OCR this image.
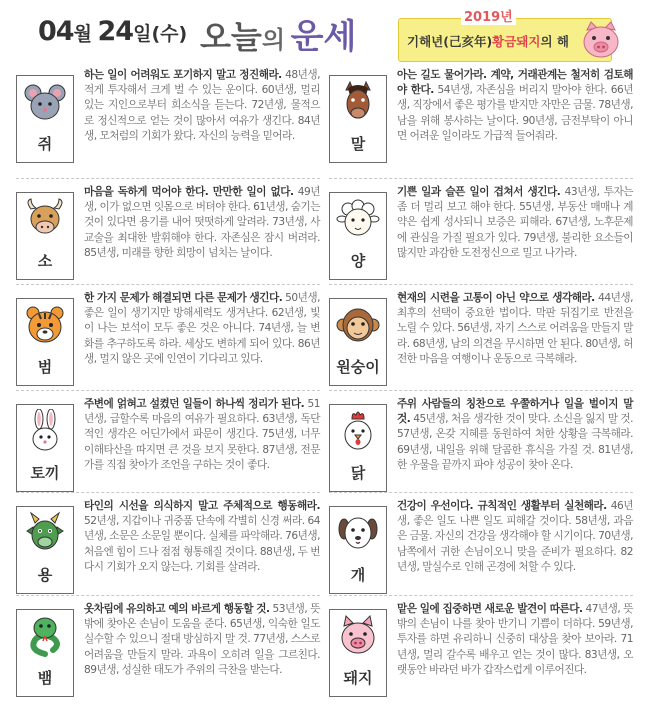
04월 24일(수) 오늘의 운세	2019년
기해년(己亥年)황금돼지의 해
쥐
하는 일이 어려워도 포기하지 말고 정진해라. 48년생, 적게 투자해서 크게 벌 수 있는 운이다. 60년생, 멀리 있는 지인으로부터 희소식을 듣는다. 72년생, 물적으로 정신적으로 얻는 것이 많아서 여유가 생긴다. 84년생, 모처럼의 기회가 왔다. 자신의 능력을 믿어라.	말
아는 길도 물어가라. 계약, 거래관계는 철저히 검토해야 한다. 54년생, 자존심을 버리지 말아야 한다. 66년생, 직장에서 좋은 평가를 받지만 자만은 금물. 78년생, 남을 위해 봉사하는 날이다. 90년생, 금전부탁이 아니면 어려운 일이라도 가급적 들어줘라.
소
마음을 독하게 먹어야 한다. 만만한 일이 없다. 49년생, 이가 없으면 잇몸으로 버텨야 한다. 61년생, 숨기는 것이 있다면 용기를 내어 떳떳하게 알려라. 73년생, 사교술을 최대한 발휘해야 한다. 자존심은 잠시 버려라. 85년생, 미래를 향한 희망이 넘치는 날이다.	양
기쁜 일과 슬픈 일이 겹쳐서 생긴다. 43년생, 투자는 좀 더 멀리 보고 해야 한다. 55년생, 부동산 매매나 계약은 쉽게 성사되니 보증은 피해라. 67년생, 노후문제에 관심을 가질 필요가 있다. 79년생, 불리한 요소들이 많지만 과감한 도전정신으로 밀고 나가라.
범
한 가지 문제가 해결되면 다른 문제가 생긴다. 50년생, 좋은 일이 생기지만 방해세력도 생겨난다. 62년생, 빛이 나는 보석이 모두 좋은 것은 아니다. 74년생, 늘 변화를 추구하도록 하라. 세상도 변하게 되어 있다. 86년생, 멀지 않은 곳에 인연이 기다리고 있다.	원숭이
현재의 시련을 고통이 아닌 약으로 생각해라. 44년생, 최후의 선택이 중요한 법이다. 막판 뒤집기로 반전을 노릴 수 있다. 56년생, 자기 스스로 어려움을 만들지 말라. 68년생, 남의 의견을 무시하면 안 된다. 80년생, 허전한 마음을 여행이나 운동으로 극복해라.
토끼
주변에 얽혀고 설켰던 일들이 하나씩 정리가 된다. 51년생, 급할수록 마음의 여유가 필요하다. 63년생, 독단적인 생각은 어딘가에서 파문이 생긴다. 75년생, 너무 이해타산을 따지면 큰 것을 보지 못한다. 87년생, 전문가를 직접 찾아가 조언을 구하는 것이 좋다.	닭
주위 사람들의 칭찬으로 우쭐하거나 일을 벌이지 말 것. 45년생, 처음 생각한 것이 맞다. 소신을 잃지 말 것. 57년생, 온갖 지혜를 동원하여 처한 상황을 극복해라. 69년생, 내일을 위해 달콤한 휴식을 가질 것. 81년생, 한 우물을 끝까지 파야 성공이 찾아 온다.
용
타인의 시선을 의식하지 말고 주체적으로 행동해라. 52년생, 지갑이나 귀중품 단속에 각별히 신경 써라. 64년생, 소문은 소문일 뿐이다. 실체를 파악해라. 76년생, 처음엔 힘이 드나 점점 형통해질 것이다. 88년생, 두 번 다시 기회가 오지 않는다. 기회를 살려라.	개
건강이 우선이다. 규칙적인 생활부터 실천해라. 46년생, 좋은 일도 나쁜 일도 피해갈 것이다. 58년생, 과음은 금물. 자신의 건강을 생각해야 할 시기이다. 70년생, 남쪽에서 귀한 손님이오니 맞을 준비가 필요하다. 82년생, 말실수로 인해 곤경에 처할 수 있다.
뱀
옷차림에 유의하고 예의 바르게 행동할 것. 53년생, 뜻 밖에 찾아온 손님이 도움을 준다. 65년생, 익숙한 일도 실수할 수 있으니 절대 방심하지 말 것. 77년생, 스스로 어려움을 만들지 말라. 과욕이 오히려 일을 그르친다. 89년생, 성실한 태도가 주위의 극찬을 받는다.	돼지
맡은 일에 집중하면 새로운 발견이 따른다. 47년생, 뜻 밖의 손님이 나를 찾아 반기니 기쁨이 더하다. 59년생, 투자를 하면 유리하니 신중히 대상을 찾아 보아라. 71년생, 멀리 갈수록 배우고 얻는 것이 많다. 83년생, 오랫동안 바라던 바가 갑작스럽게 이루어진다.
